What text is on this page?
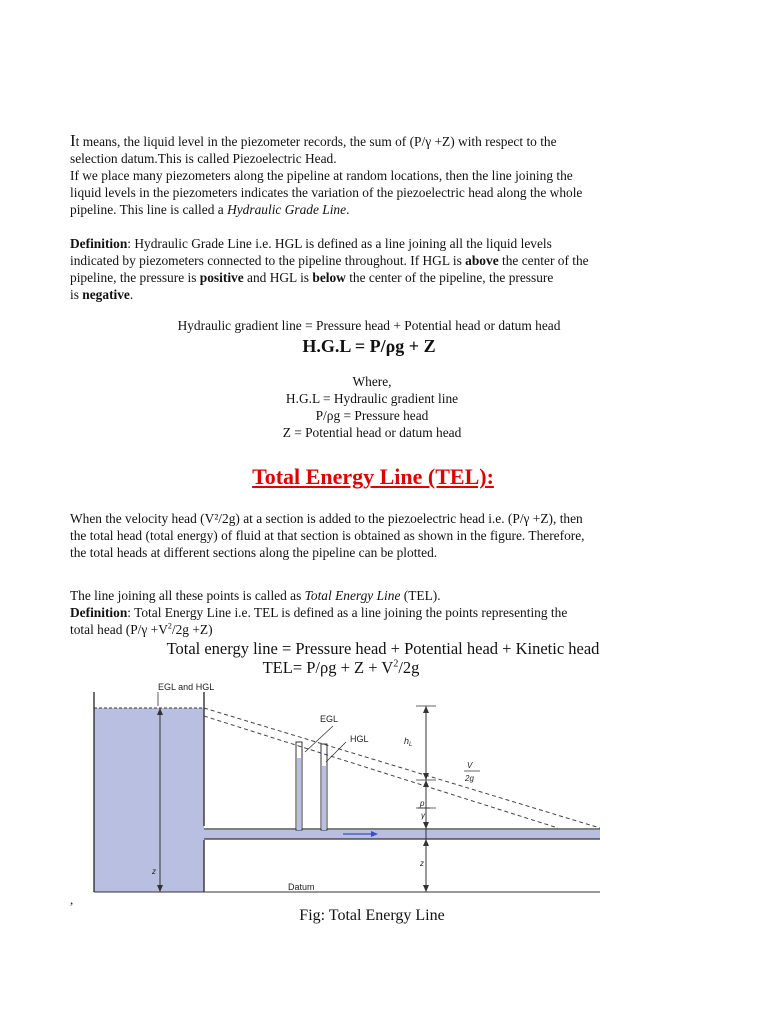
It means, the liquid level in the piezometer records, the sum of (P/γ +Z) with respect to the
selection datum.This is called Piezoelectric Head.
If we place many piezometers along the pipeline at random locations, then the line joining the
liquid levels in the piezometers indicates the variation of the piezoelectric head along the whole
pipeline. This line is called a Hydraulic Grade Line.
Definition: Hydraulic Grade Line i.e. HGL is defined as a line joining all the liquid levels
indicated by piezometers connected to the pipeline throughout. If HGL is above the center of the
pipeline, the pressure is positive and HGL is below the center of the pipeline, the pressure
is negative.
Hydraulic gradient line = Pressure head + Potential head or datum head
H.G.L = P/ρg + Z
Where,
H.G.L = Hydraulic gradient line
P/ρg = Pressure head
Z = Potential head or datum head
Total Energy Line (TEL):
When the velocity head (V²/2g) at a section is added to the piezoelectric head i.e. (P/γ +Z), then
the total head (total energy) of fluid at that section is obtained as shown in the figure. Therefore,
the total heads at different sections along the pipeline can be plotted.
The line joining all these points is called as Total Energy Line (TEL).
Definition: Total Energy Line i.e. TEL is defined as a line joining the points representing the
total head $(P/\gamma +V^2/2g +Z)$
Total energy line = Pressure head + Potential head + Kinetic head
$TEL= P/\rho g + Z + V^2/2g$
EGL and HGL
EGL
HGL	$h_L$
V
2g
p
γ
z
z
Datum
,
Fig: Total Energy Line
